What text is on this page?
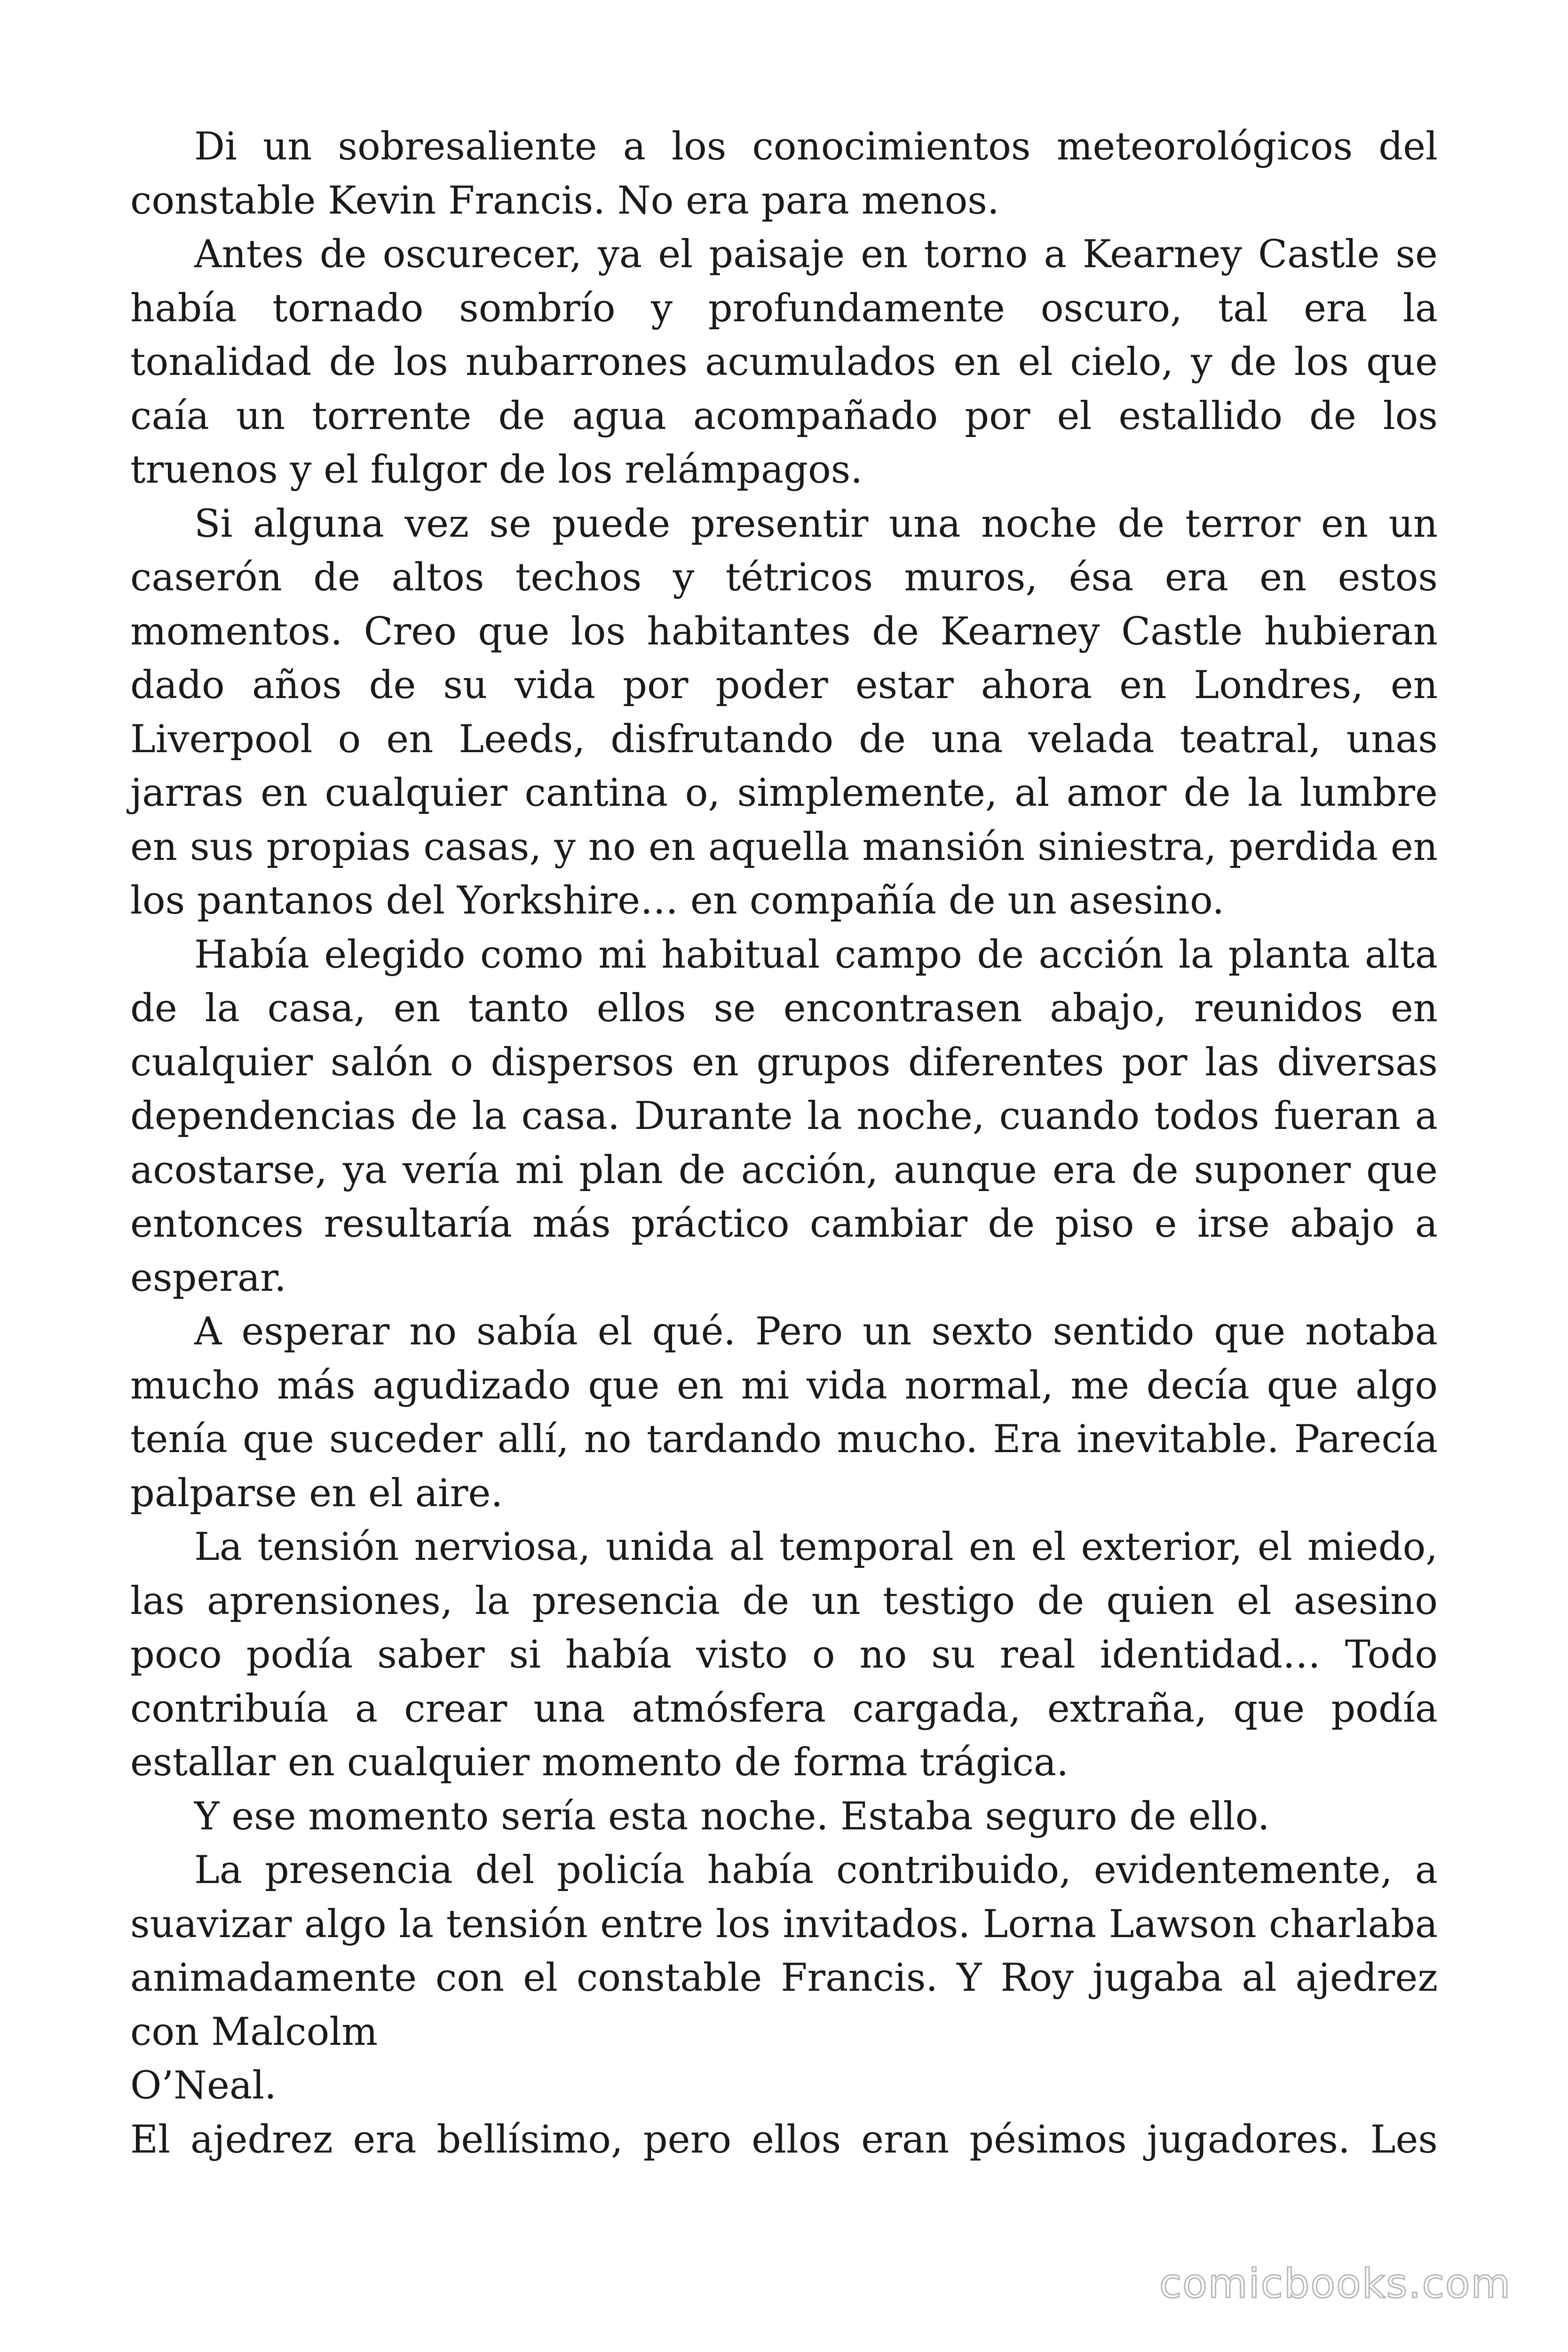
Di un sobresaliente a los conocimientos meteorológicos del constable Kevin Francis. No era para menos.

Antes de oscurecer, ya el paisaje en torno a Kearney Castle se había tornado sombrío y profundamente oscuro, tal era la tonalidad de los nubarrones acumulados en el cielo, y de los que caía un torrente de agua acompañado por el estallido de los truenos y el fulgor de los relámpagos.

Si alguna vez se puede presentir una noche de terror en un caserón de altos techos y tétricos muros, ésa era en estos momentos. Creo que los habitantes de Kearney Castle hubieran dado años de su vida por poder estar ahora en Londres, en Liverpool o en Leeds, disfrutando de una velada teatral, unas jarras en cualquier cantina o, simplemente, al amor de la lumbre en sus propias casas, y no en aquella mansión siniestra, perdida en los pantanos del Yorkshire… en compañía de un asesino.

Había elegido como mi habitual campo de acción la planta alta de la casa, en tanto ellos se encontrasen abajo, reunidos en cualquier salón o dispersos en grupos diferentes por las diversas dependencias de la casa. Durante la noche, cuando todos fueran a acostarse, ya vería mi plan de acción, aunque era de suponer que entonces resultaría más práctico cambiar de piso e irse abajo a esperar.

A esperar no sabía el qué. Pero un sexto sentido que notaba mucho más agudizado que en mi vida normal, me decía que algo tenía que suceder allí, no tardando mucho. Era inevitable. Parecía palparse en el aire.

La tensión nerviosa, unida al temporal en el exterior, el miedo, las aprensiones, la presencia de un testigo de quien el asesino poco podía saber si había visto o no su real identidad… Todo contribuía a crear una atmósfera cargada, extraña, que podía estallar en cualquier momento de forma trágica.

Y ese momento sería esta noche. Estaba seguro de ello.

La presencia del policía había contribuido, evidentemente, a suavizar algo la tensión entre los invitados. Lorna Lawson charlaba animadamente con el constable Francis. Y Roy jugaba al ajedrez con Malcolm

O’Neal.

El ajedrez era bellísimo, pero ellos eran pésimos jugadores. Les

comicbooks.com
